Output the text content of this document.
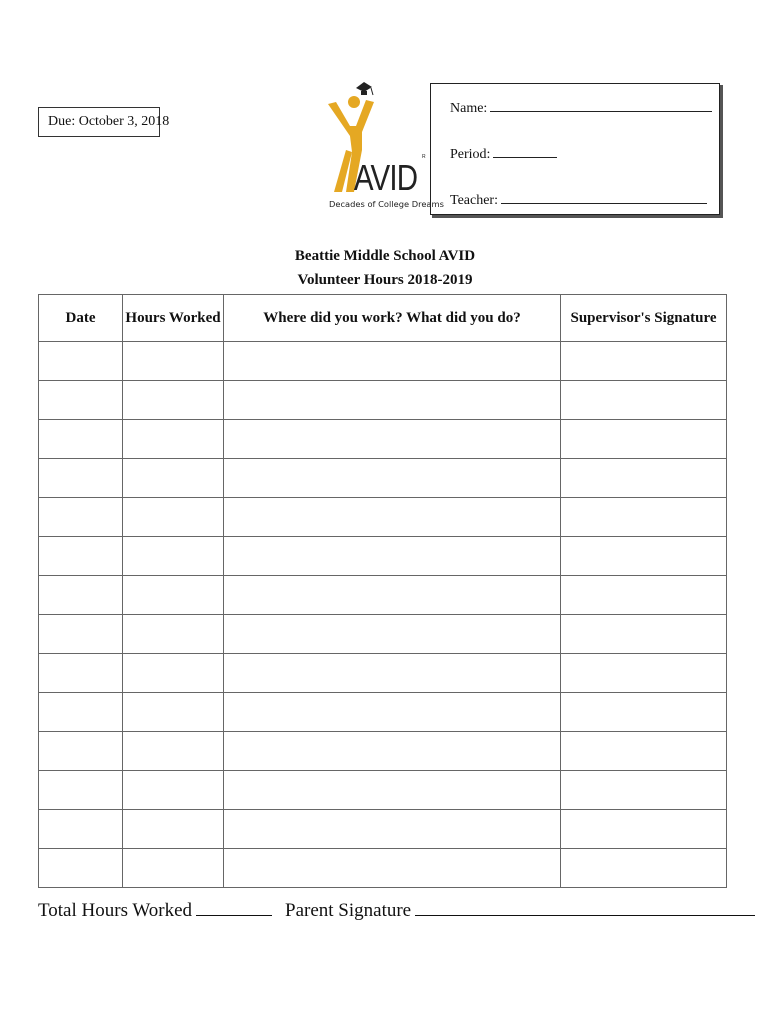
Due: October 3, 2018
AVID
R
Decades of College Dreams
Name:
Period:
Teacher:
Beattie Middle School AVID
Volunteer Hours 2018-2019
Date	Hours Worked	Where did you work? What did you do?	Supervisor's Signature

Total Hours Worked	Parent Signature
